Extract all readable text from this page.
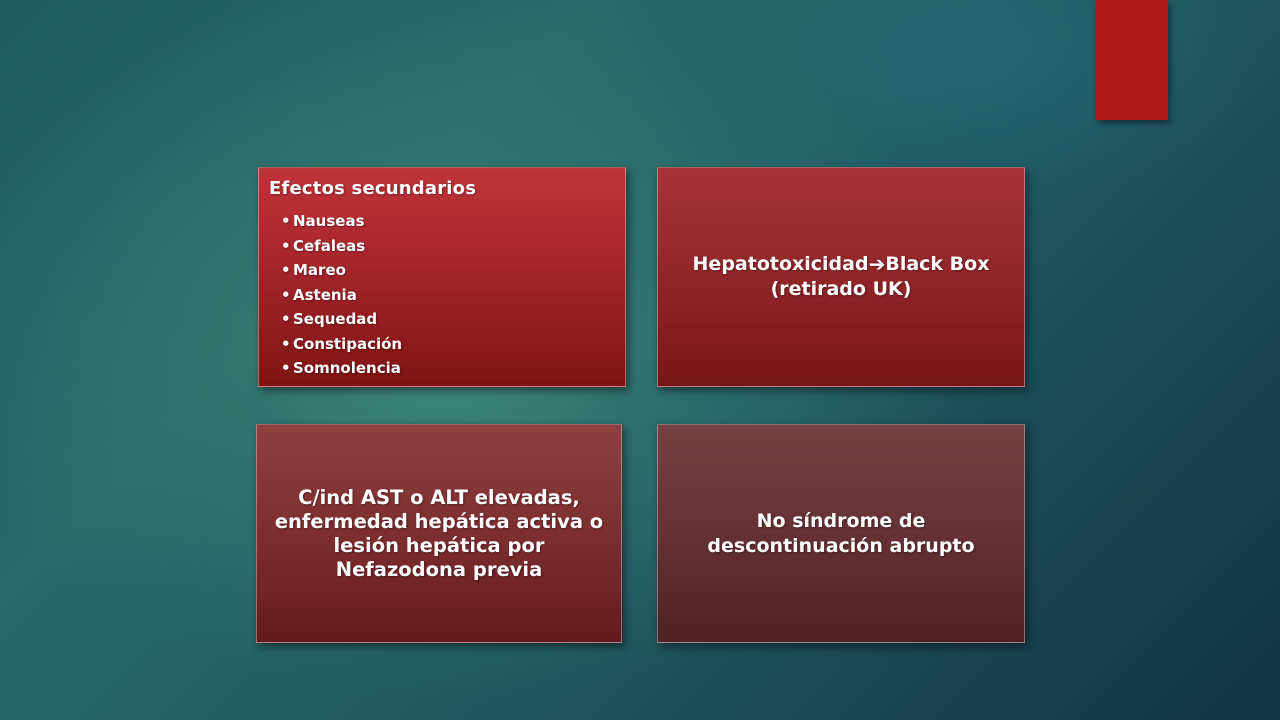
Efectos secundarios
• Nauseas
• Cefaleas
• Mareo
• Astenia
• Sequedad
• Constipación
• Somnolencia
Hepatotoxicidad➔Black Box
(retirado UK)
C/ind AST o ALT elevadas, enfermedad hepática activa o lesión hepática por Nefazodona previa
No síndrome de descontinuación abrupto
